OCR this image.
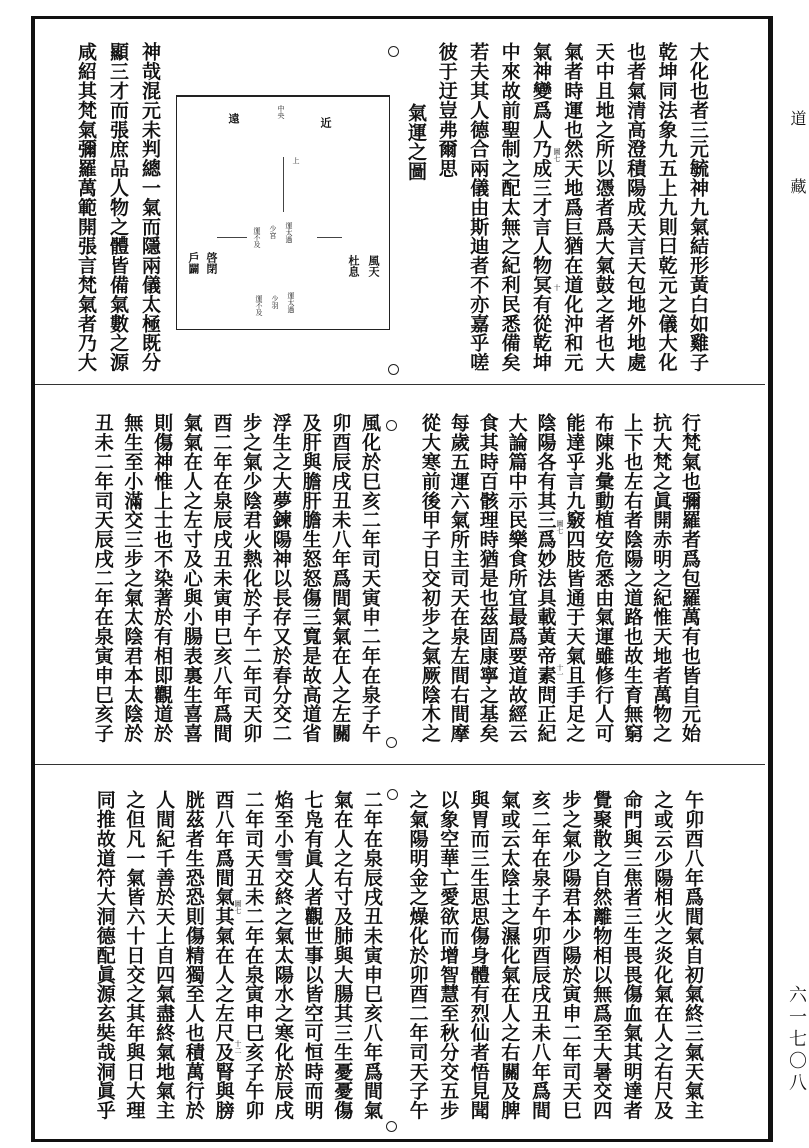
道
藏
六一七〇八
大化也者三元毓神九氣結形黃白如雞子
乾坤同法象九五上九則曰乾元之儀大化
也者氣清高澄積陽成天言天包地外地處
天中且地之所以憑者爲大氣鼓之者也大
氣者時運也然天地爲巨猶在道化沖和元
氣神變爲人乃成三才言人物冥有從乾坤
中來故前聖制之配太無之紀利民悉備矣
若夫其人德合兩儀由斯迪者不亦嘉乎嗟
彼于迂豈弗爾思
神哉混元未判總一氣而隱兩儀太極既分
顯三才而張庶品人物之體皆備氣數之源
咸紹其梵氣彌羅萬範開張言梵氣者乃大
行梵氣也彌羅者爲包羅萬有也皆自元始
抗大梵之眞開赤明之紀惟天地者萬物之
上下也左右者陰陽之道路也故生育無窮
布陳兆彙動植安危悉由氣運雖修行人可
能達乎言九竅四肢皆通于天氣且手足之
陰陽各有其三爲妙法具載黃帝素問正紀
大論篇中示民樂食所宜最爲要道故經云
食其時百骸理時猶是也茲固康寧之基矣
每歲五運六氣所主司天在泉左間右間摩
從大寒前後甲子日交初步之氣厥陰木之
風化於巳亥二年司天寅申二年在泉子午
卯酉辰戌丑未八年爲間氣氣在人之左關
及肝與膽肝膽生怒怒傷三寬是故高道省
浮生之大夢鍊陽神以長存又於春分交二
步之氣少陰君火熱化於子午二年司天卯
酉二年在泉辰戌丑未寅申巳亥八年爲間
氣氣在人之左寸及心與小腸表裏生喜喜
則傷神惟上士也不染著於有相即觀道於
無生至小滿交三步之氣太陰君本太陰於
丑未二年司天辰戌二年在泉寅申巳亥子
午卯酉八年爲間氣自初氣終三氣天氣主
之或云少陽相火之炎化氣在人之右尺及
命門與三焦者三生畏畏傷血氣其明達者
覺聚散之自然離物相以無爲至大暑交四
步之氣少陽君本少陽於寅申二年司天巳
亥二年在泉子午卯酉辰戌丑未八年爲間
氣或云太陰土之濕化氣在人之右關及脾
與胃而三生思思傷身體有烈仙者悟見聞
以象空華亡愛欲而增智慧至秋分交五步
之氣陽明金之燥化於卯酉二年司天子午
二年在泉辰戌丑未寅申巳亥八年爲間氣
氣在人之右寸及肺與大腸其三生憂憂傷
七凫有眞人者觀世事以皆空可恒時而明
焰至小雪交終之氣太陽水之寒化於辰戌
二年司天丑未二年在泉寅申巳亥子午卯
酉八年爲間氣其氣在人之左尺及腎與膀
胱茲者生恐恐則傷精獨至人也積萬行於
人間紀千善於天上自四氣盡終氣地氣主
之但凡一氣皆六十日交之其年與日大理
同推故道符大洞德配眞源玄奘哉洞眞乎
氣運之圖
遠	近
中央
上
運太過
運不及 少宮
風天
杜息
啓閉
戶闢
運太過
少羽
運不及
圖七
十
圖七
十一
圖七
十二
